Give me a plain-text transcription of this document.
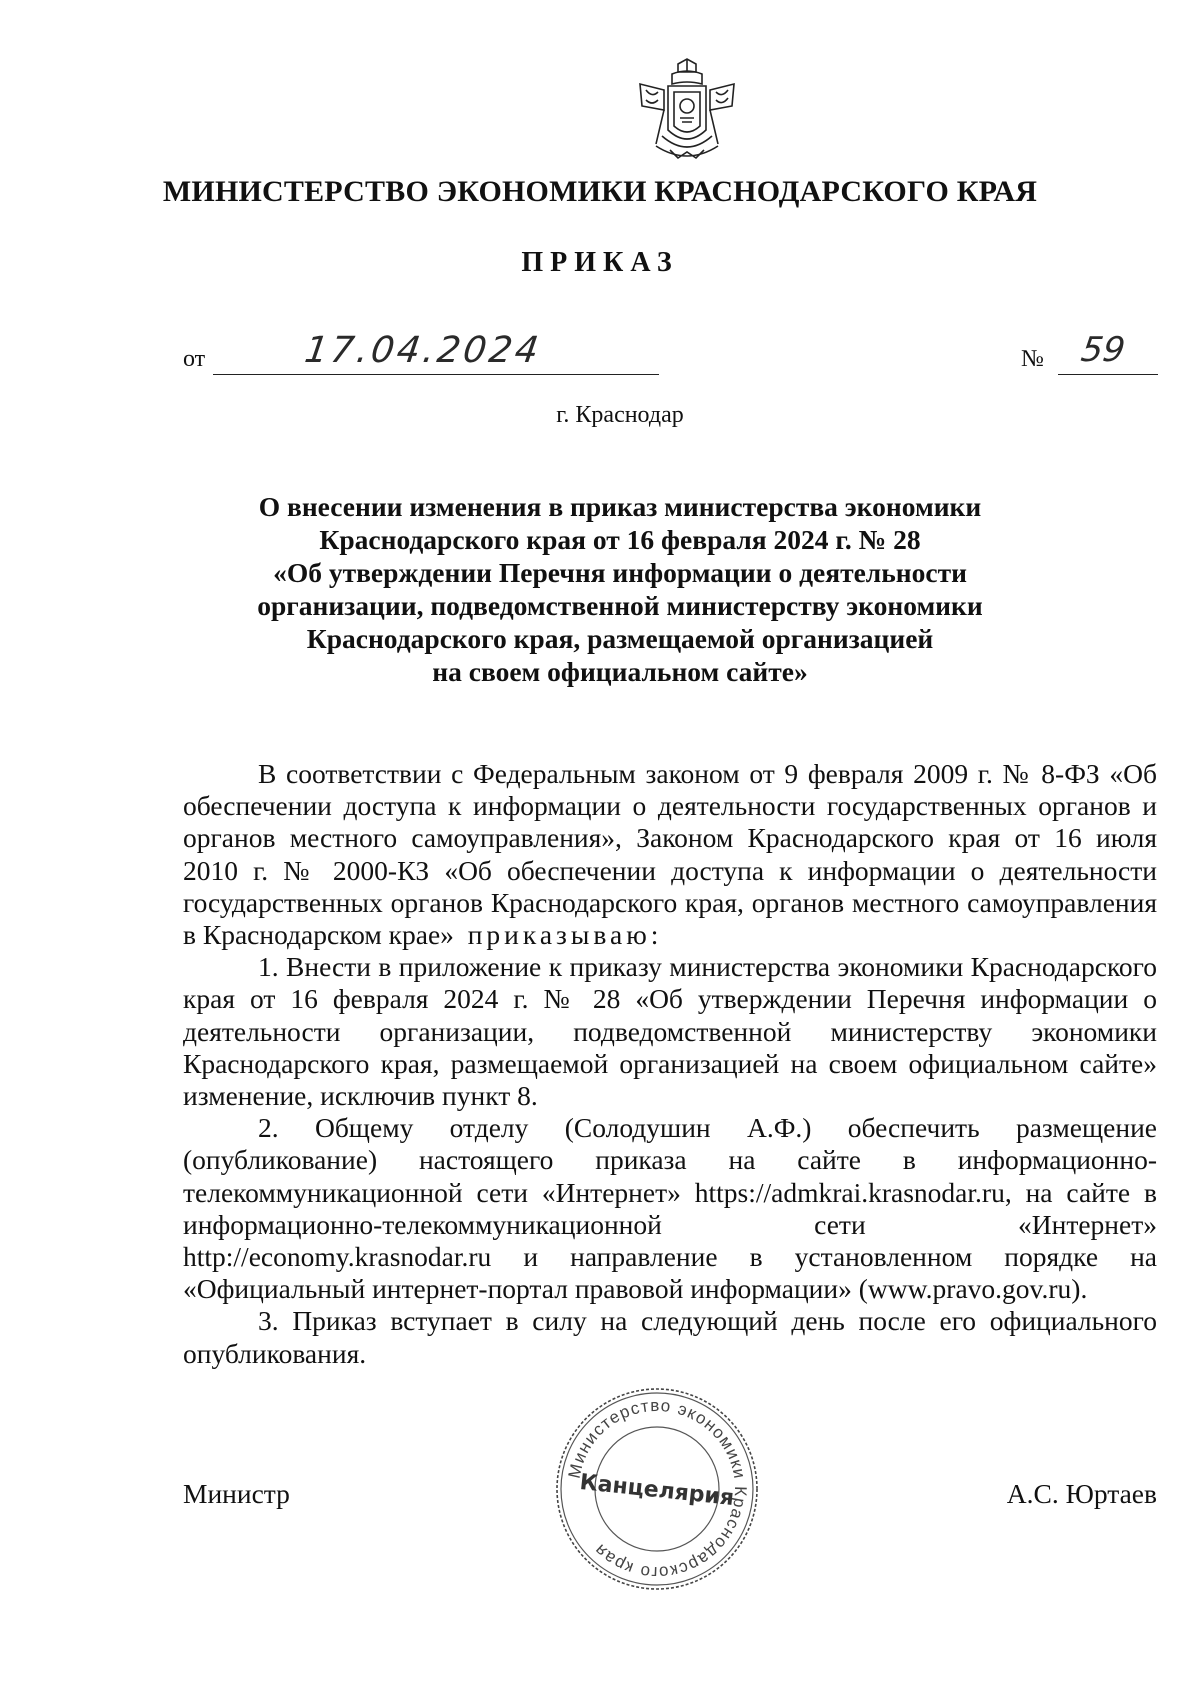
МИНИСТЕРСТВО ЭКОНОМИКИ КРАСНОДАРСКОГО КРАЯ
ПРИКАЗ
от	17.04.2024	№	59
г. Краснодар
О внесении изменения в приказ министерства экономики
Краснодарского края от 16 февраля 2024 г. № 28
«Об утверждении Перечня информации о деятельности
организации, подведомственной министерству экономики
Краснодарского края, размещаемой организацией
на своем официальном сайте»

В соответствии с Федеральным законом от 9 февраля 2009 г. № 8-ФЗ «Об обеспечении доступа к информации о деятельности государственных органов и органов местного самоуправления», Законом Краснодарского края от 16 июля 2010 г. № 2000-КЗ «Об обеспечении доступа к информации о деятельности государственных органов Краснодарского края, органов местного самоуправления в Краснодарском крае» приказываю:

1. Внести в приложение к приказу министерства экономики Краснодарского края от 16 февраля 2024 г. № 28 «Об утверждении Перечня информации о деятельности организации, подведомственной министерству экономики Краснодарского края, размещаемой организацией на своем официальном сайте» изменение, исключив пункт 8.

2. Общему отделу (Солодушин А.Ф.) обеспечить размещение (опубликование) настоящего приказа на сайте в информационно-телекоммуникационной сети «Интернет» https://admkrai.krasnodar.ru, на сайте в информационно-телекоммуникационной сети «Интернет» http://economy.krasnodar.ru и направление в установленном порядке на «Официальный интернет-портал правовой информации» (www.pravo.gov.ru).

3. Приказ вступает в силу на следующий день после его официального опубликования.

Министр	А.С. Юртаев
Министерство экономики Краснодарского края
Канцелярия
